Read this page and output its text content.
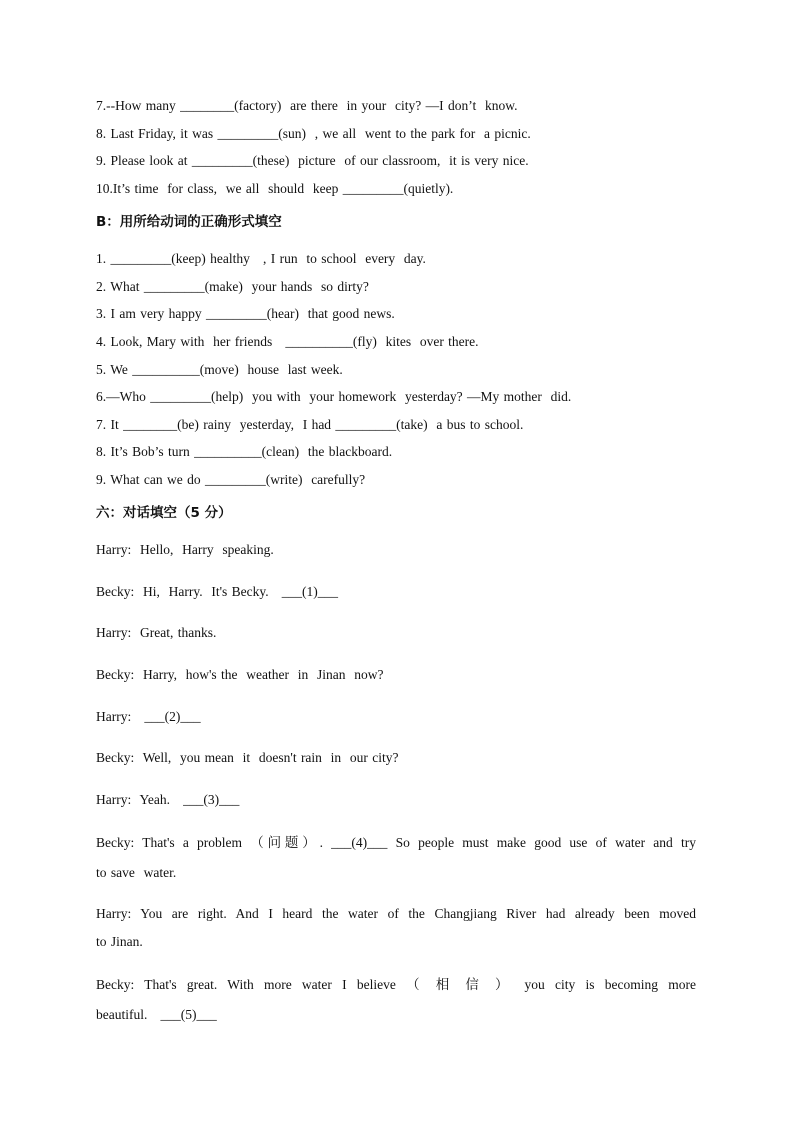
7.--How many ________(factory)  are there  in your  city? —I don’t  know.

8. Last Friday, it was _________(sun)  , we all  went to the park for  a picnic.

9. Please look at _________(these)  picture  of our classroom,  it is very nice.

10.It’s time  for class,  we all  should  keep _________(quietly).

B：用所给动词的正确形式填空

1. _________(keep) healthy   , I run  to school  every  day.

2. What _________(make)  your hands  so dirty?

3. I am very happy _________(hear)  that good news.

4. Look, Mary with  her friends   __________(fly)  kites  over there.

5. We __________(move)  house  last week.

6.—Who _________(help)  you with  your homework  yesterday? —My mother  did.

7. It ________(be) rainy  yesterday,  I had _________(take)  a bus to school.

8. It’s Bob’s turn __________(clean)  the blackboard.

9. What can we do _________(write)  carefully?

六：对话填空（5 分）

Harry:  Hello,  Harry  speaking.

Becky:  Hi,  Harry.  It's Becky.   ___(1)___

Harry:  Great, thanks.

Becky:  Harry,  how's the  weather  in  Jinan  now?

Harry:   ___(2)___

Becky:  Well,  you mean  it  doesn't rain  in  our city?

Harry:  Yeah.   ___(3)___

Becky: That's a problem （问题）. ___(4)___ So people must make good use of water and try

to save  water.

Harry: You are right. And I heard the water of the Changjiang River had already been moved

to Jinan.

Becky: That's great. With more water I believe （ 相 信 ） you city is becoming more

beautiful.   ___(5)___
